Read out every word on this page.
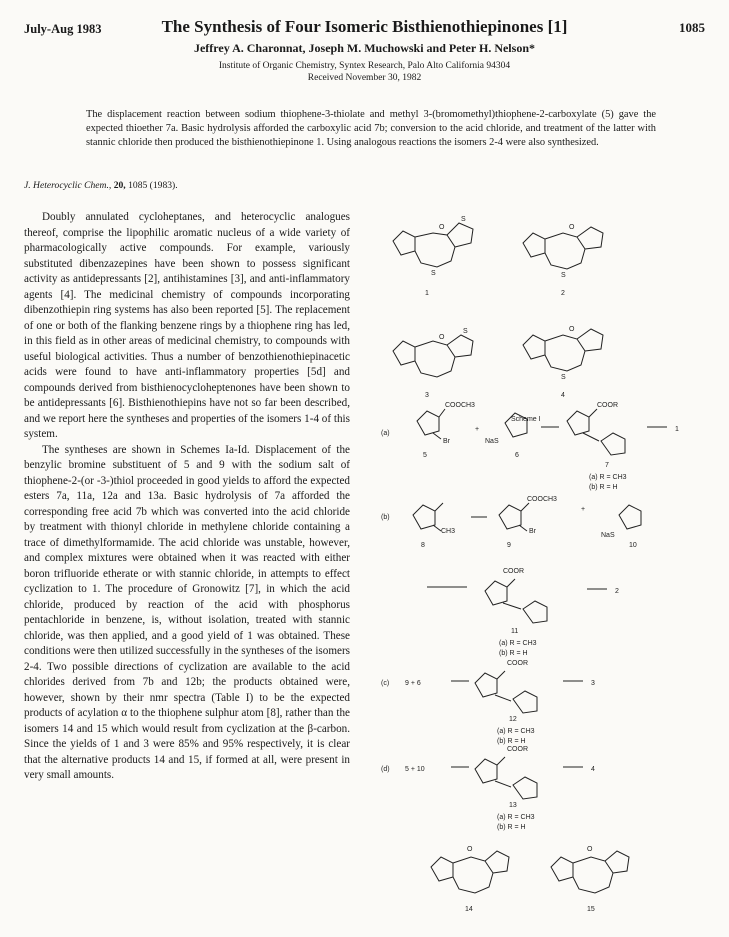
July-Aug 1983	The Synthesis of Four Isomeric Bisthienothiepinones [1]	1085
Jeffrey A. Charonnat, Joseph M. Muchowski and Peter H. Nelson*
Institute of Organic Chemistry, Syntex Research, Palo Alto California 94304
Received November 30, 1982
The displacement reaction between sodium thiophene-3-thiolate and methyl 3-(bromomethyl)thiophene-2-carboxylate (5) gave the expected thioether 7a. Basic hydrolysis afforded the carboxylic acid 7b; conversion to the acid chloride, and treatment of the latter with stannic chloride then produced the bisthienothiepinone 1. Using analogous reactions the isomers 2-4 were also synthesized.
J. Heterocyclic Chem., 20, 1085 (1983).

Doubly annulated cycloheptanes, and heterocyclic analogues thereof, comprise the lipophilic aromatic nucleus of a wide variety of pharmacologically active compounds. For example, variously substituted dibenzazepines have been shown to possess significant activity as antidepressants [2], antihistamines [3], and anti-inflammatory agents [4]. The medicinal chemistry of compounds incorporating dibenzothiepin ring systems has also been reported [5]. The replacement of one or both of the flanking benzene rings by a thiophene ring has led, in this field as in other areas of medicinal chemistry, to compounds with useful biological activities. Thus a number of benzothienothiepinacetic acids were found to have anti-inflammatory properties [5d] and compounds derived from bisthienocycloheptenones have been shown to be antidepressants [6]. Bisthienothiepins have not so far been described, and we report here the syntheses and properties of the isomers 1-4 of this system.

The syntheses are shown in Schemes Ia-Id. Displacement of the benzylic bromine substituent of 5 and 9 with the sodium salt of thiophene-2-(or -3-)thiol proceeded in good yields to afford the expected esters 7a, 11a, 12a and 13a. Basic hydrolysis of 7a afforded the corresponding free acid 7b which was converted into the acid chloride by treatment with thionyl chloride in methylene chloride containing a trace of dimethylformamide. The acid chloride was unstable, however, and complex mixtures were obtained when it was reacted with either boron trifluoride etherate or with stannic chloride, in attempts to effect cyclization to 1. The procedure of Gronowitz [7], in which the acid chloride, produced by reaction of the acid with phosphorus pentachloride in benzene, is, without isolation, treated with stannic chloride, was then applied, and a good yield of 1 was obtained. These conditions were then utilized successfully in the syntheses of the isomers 2-4. Two possible directions of cyclization are available to the acid chlorides derived from 7b and 12b; the products obtained were, however, shown by their nmr spectra (Table I) to be the expected products of acylation α to the thiophene sulphur atom [8], rather than the isomers 14 and 15 which would result from cyclization at the β-carbon. Since the yields of 1 and 3 were 85% and 95% respectively, it is clear that the alternative products 14 and 15, if formed at all, were present in very small amounts.

O
S
S
O
S
O
S	O
S
1	2
3	4
Scheme I
(a)
COOCH3
Br
+
NaS
COOR
5	6
7
(a) R = CH3
(b) R = H
1
(b)
CH3
COOCH3
Br
+
NaS
8	9	10
COOR
11
(a) R = CH3
(b) R = H
2
(c) 9 + 6
COOR
12
(a) R = CH3
(b) R = H
3
(d) 5 + 10
COOR
13
(a) R = CH3
(b) R = H
4
O	O
14	15
